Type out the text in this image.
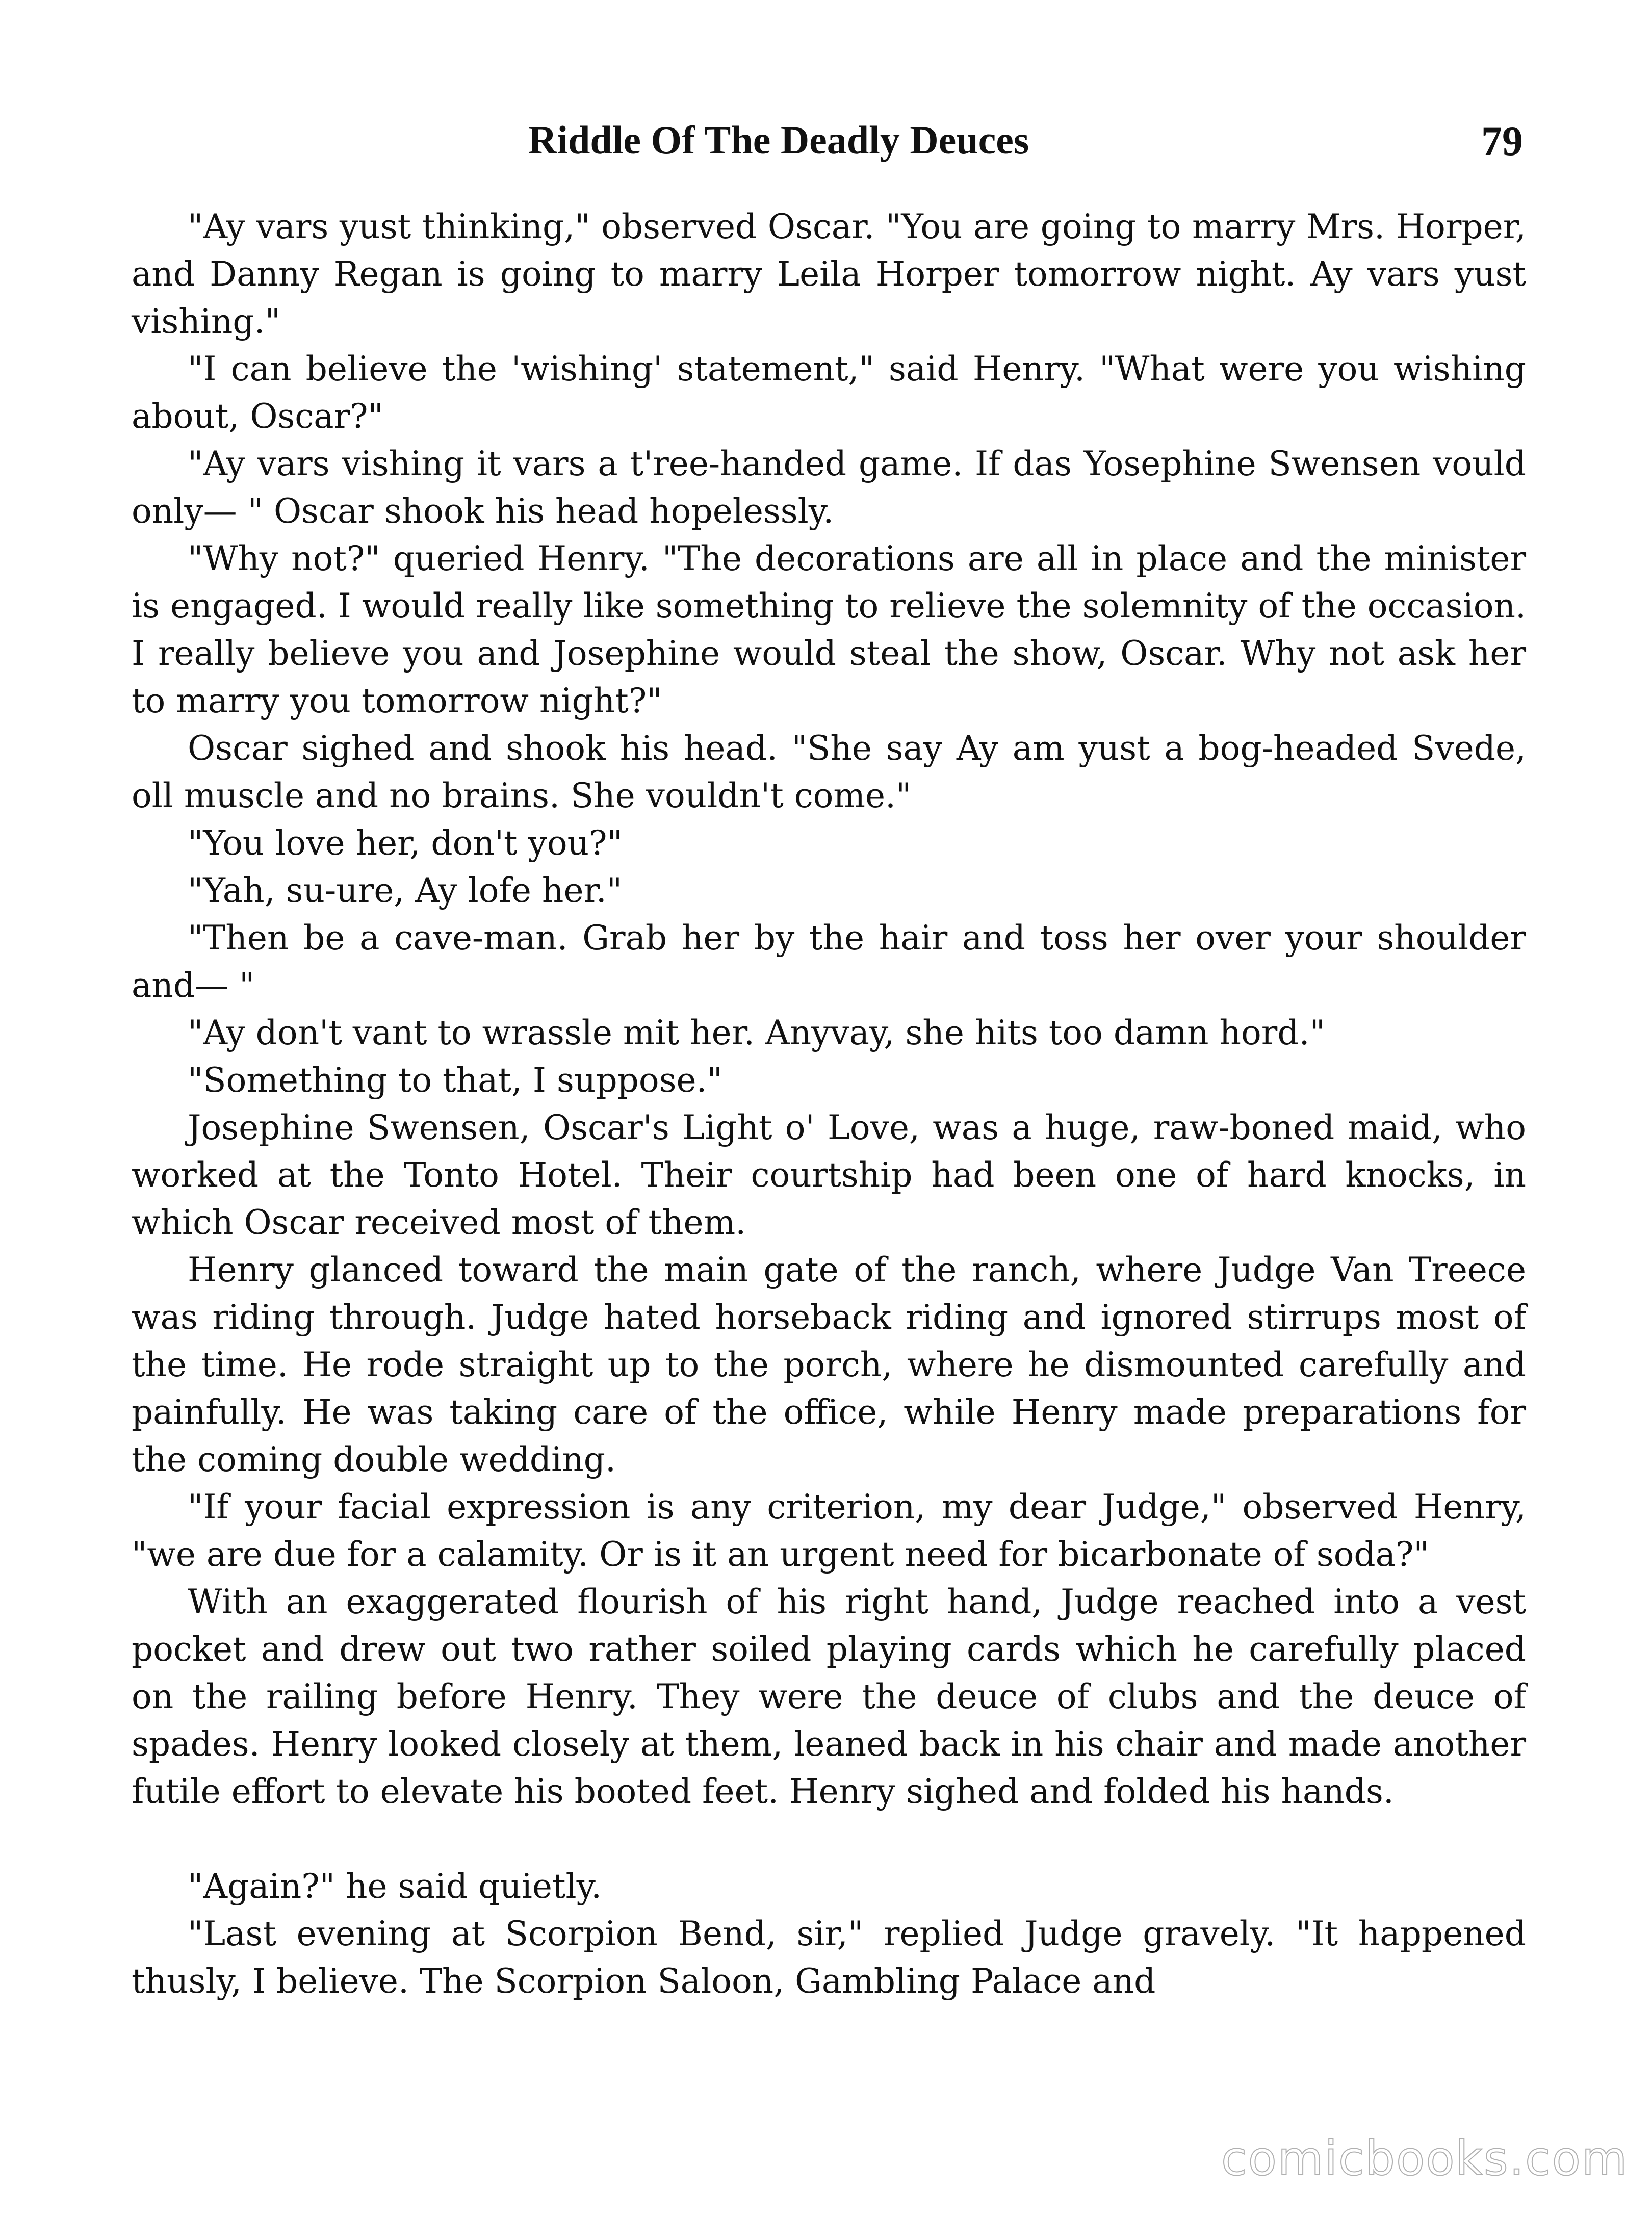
Riddle Of The Deadly Deuces	79

"Ay vars yust thinking," observed Oscar. "You are going to marry Mrs. Horper, and Danny Regan is going to marry Leila Horper tomorrow night. Ay vars yust vishing."

"I can believe the 'wishing' statement," said Henry. "What were you wishing about, Oscar?"

"Ay vars vishing it vars a t'ree-handed game. If das Yosephine Swensen vould only— " Oscar shook his head hopelessly.

"Why not?" queried Henry. "The decorations are all in place and the minister is engaged. I would really like something to relieve the solemnity of the occasion. I really believe you and Josephine would steal the show, Oscar. Why not ask her to marry you tomorrow night?"

Oscar sighed and shook his head. "She say Ay am yust a bog-headed Svede, oll muscle and no brains. She vouldn't come."

"You love her, don't you?"

"Yah, su-ure, Ay lofe her."

"Then be a cave-man. Grab her by the hair and toss her over your shoulder and— "

"Ay don't vant to wrassle mit her. Anyvay, she hits too damn hord."

"Something to that, I suppose."

Josephine Swensen, Oscar's Light o' Love, was a huge, raw-boned maid, who worked at the Tonto Hotel. Their courtship had been one of hard knocks, in which Oscar received most of them.

Henry glanced toward the main gate of the ranch, where Judge Van Treece was riding through. Judge hated horseback riding and ignored stirrups most of the time. He rode straight up to the porch, where he dismounted carefully and painfully. He was taking care of the office, while Henry made preparations for the coming double wedding.

"If your facial expression is any criterion, my dear Judge," observed Henry, "we are due for a calamity. Or is it an urgent need for bicarbonate of soda?"

With an exaggerated flourish of his right hand, Judge reached into a vest pocket and drew out two rather soiled playing cards which he carefully placed on the railing before Henry. They were the deuce of clubs and the deuce of spades. Henry looked closely at them, leaned back in his chair and made another futile effort to elevate his booted feet. Henry sighed and folded his hands.

"Again?" he said quietly.

"Last evening at Scorpion Bend, sir," replied Judge gravely. "It happened thusly, I believe. The Scorpion Saloon, Gambling Palace and

comicbooks.com
